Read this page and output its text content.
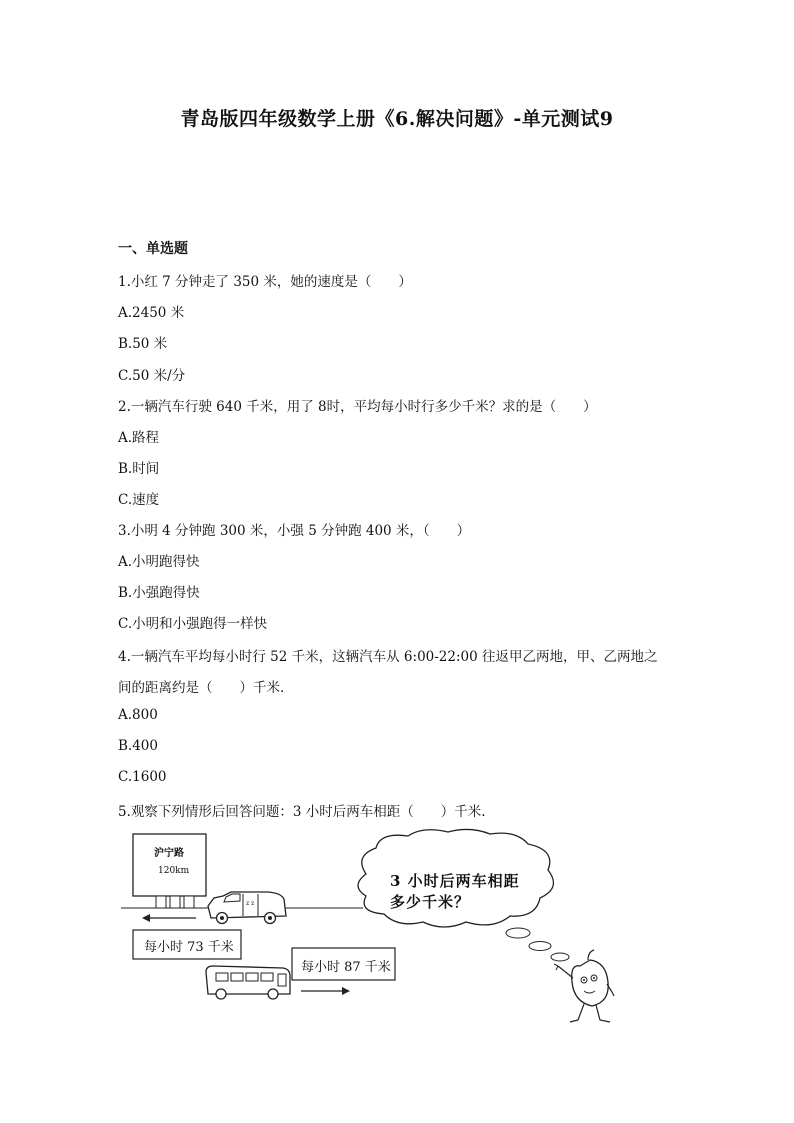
青岛版四年级数学上册《6.解决问题》-单元测试9
一、单选题
1.小红 7 分钟走了 350 米，她的速度是（　　）
A.2450 米
B.50 米
C.50 米/分
2.一辆汽车行驶 640 千米，用了 8时，平均每小时行多少千米？求的是（　　）
A.路程
B.时间
C.速度
3.小明 4 分钟跑 300 米，小强 5 分钟跑 400 米，（　　）
A.小明跑得快
B.小强跑得快
C.小明和小强跑得一样快
4.一辆汽车平均每小时行 52 千米，这辆汽车从 6:00-22:00 往返甲乙两地，甲、乙两地之
间的距离约是（　　）千米.
A.800
B.400
C.1600
5.观察下列情形后回答问题：3 小时后两车相距（　　）千米.
z z
沪宁路
120km
每小时 73 千米
每小时 87 千米
3 小时后两车相距
多少千米？
